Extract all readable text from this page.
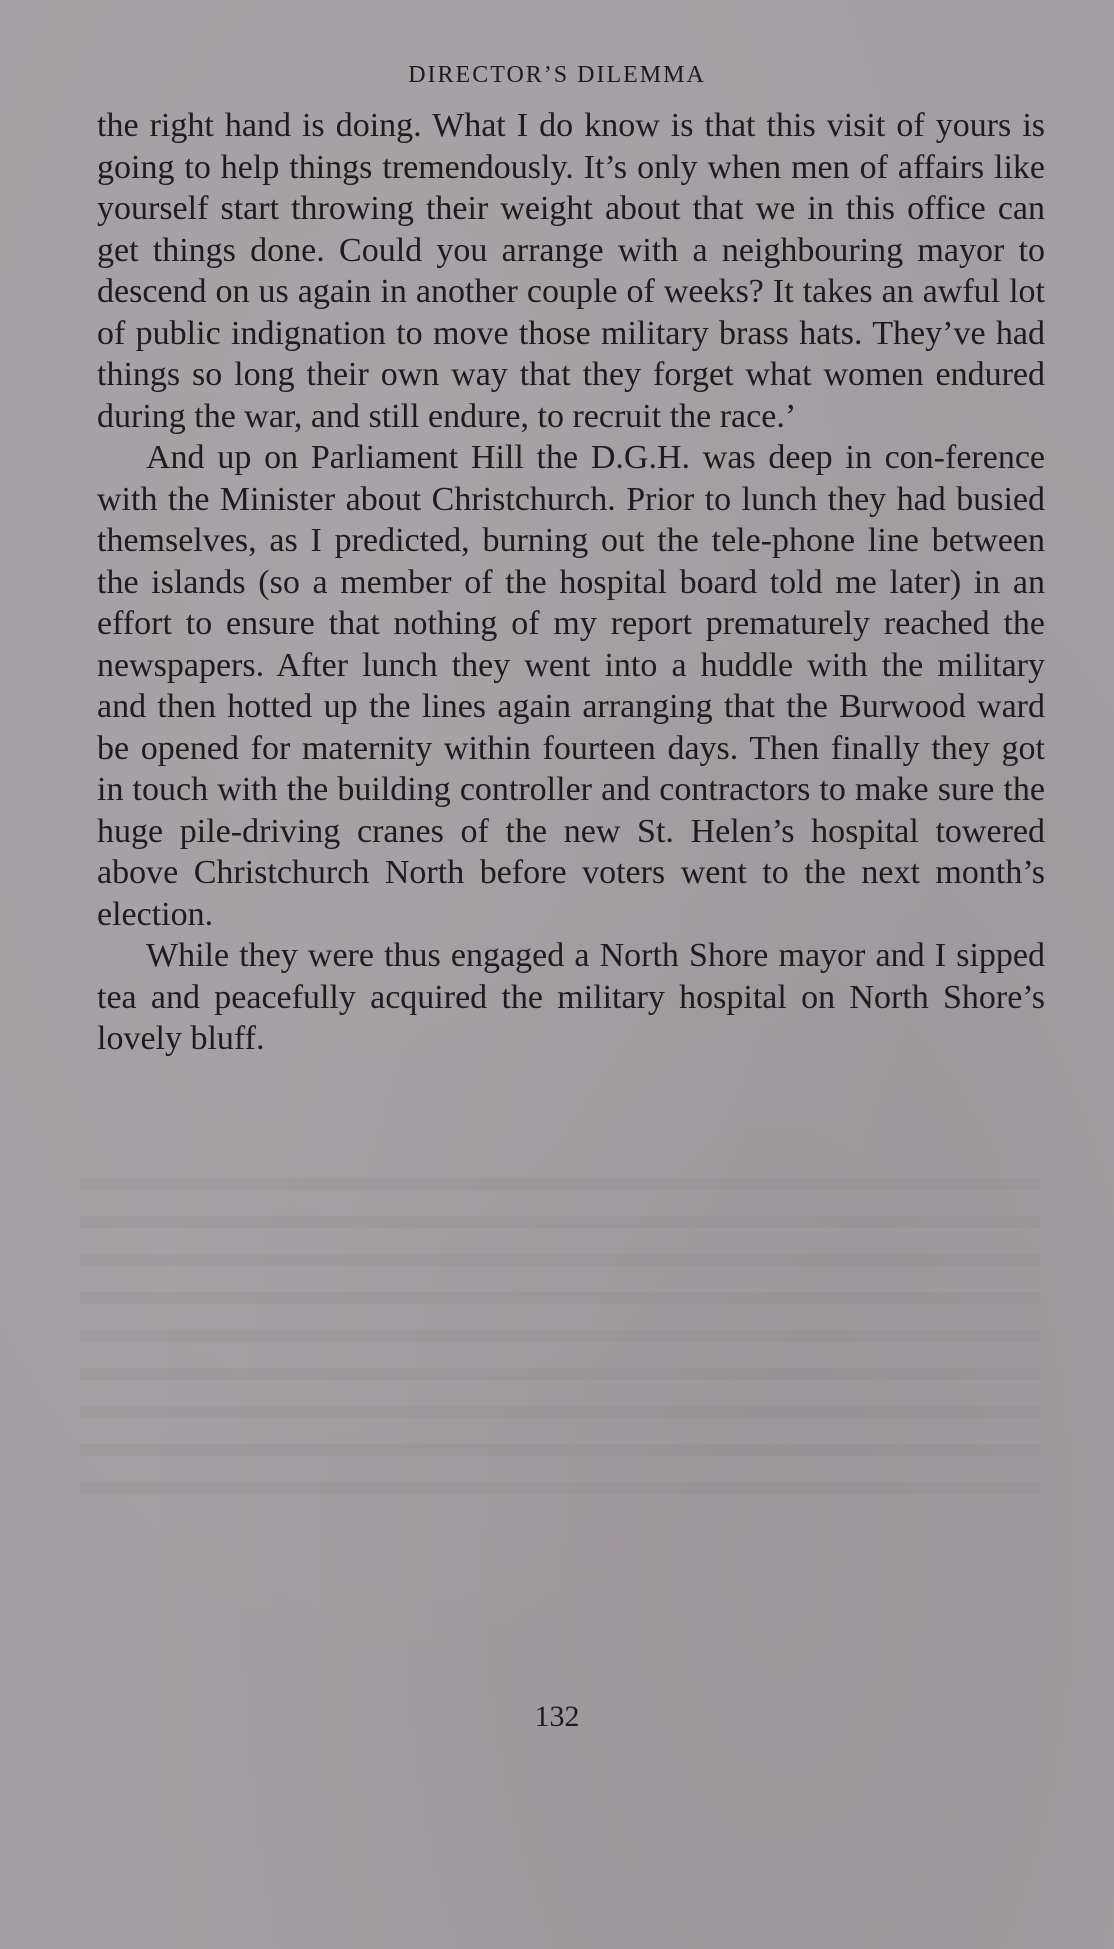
DIRECTOR’S DILEMMA

the right hand is doing. What I do know is that this visit of yours is going to help things tremendously. It’s only when men of affairs like yourself start throwing their weight about that we in this office can get things done. Could you arrange with a neighbouring mayor to descend on us again in another couple of weeks? It takes an awful lot of public indignation to move those military brass hats. They’ve had things so long their own way that they forget what women endured during the war, and still endure, to recruit the race.’

And up on Parliament Hill the D.G.H. was deep in con-ference with the Minister about Christchurch. Prior to lunch they had busied themselves, as I predicted, burning out the tele-phone line between the islands (so a member of the hospital board told me later) in an effort to ensure that nothing of my report prematurely reached the newspapers. After lunch they went into a huddle with the military and then hotted up the lines again arranging that the Burwood ward be opened for maternity within fourteen days. Then finally they got in touch with the building controller and contractors to make sure the huge pile-driving cranes of the new St. Helen’s hospital towered above Christchurch North before voters went to the next month’s election.

While they were thus engaged a North Shore mayor and I sipped tea and peacefully acquired the military hospital on North Shore’s lovely bluff.

132
